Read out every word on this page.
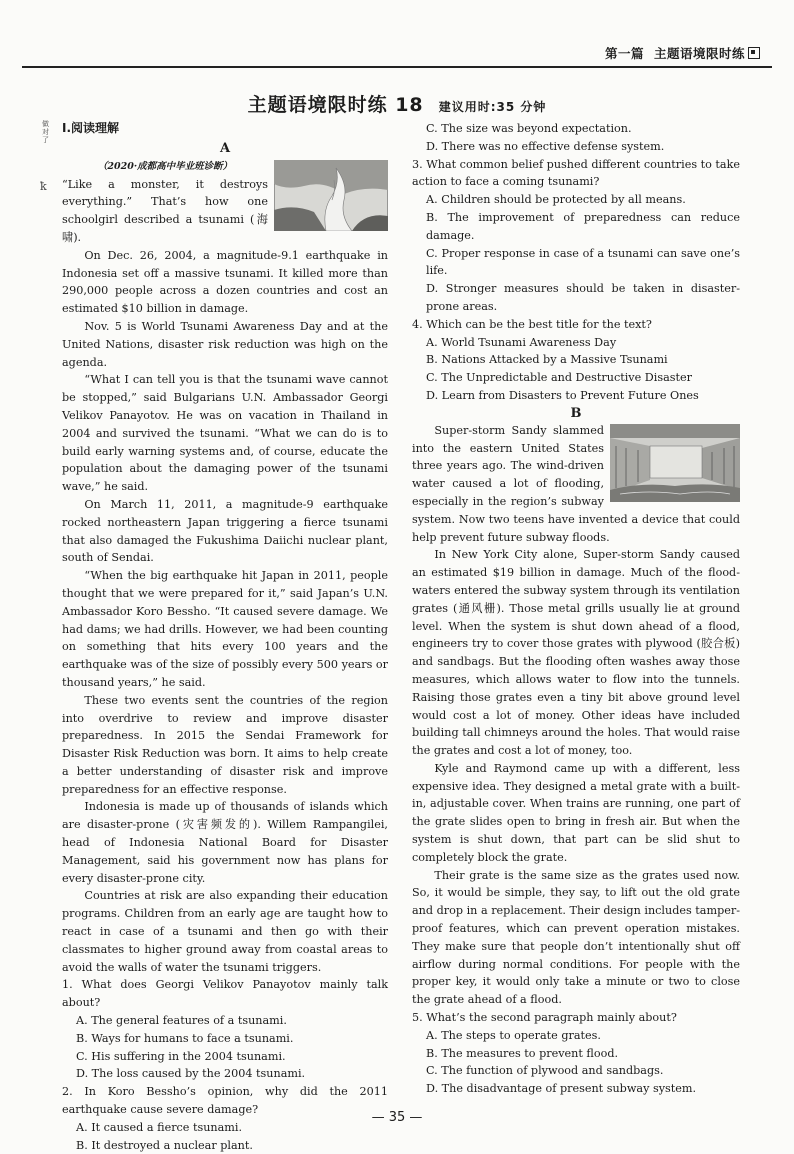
第一篇 主题语境限时练
主题语境限时练 18 建议用时:35 分钟
做对了
ꝁ
Ⅰ.阅读理解
A

（2020·成都高中毕业班诊断）

“Like a monster, it destroys everything.” That’s how one schoolgirl described a tsunami (海啸).

On Dec. 26, 2004, a magnitude-9.1 earthquake in Indonesia set off a massive tsunami. It killed more than 290,000 people across a dozen countries and cost an estimated $10 billion in damage.

Nov. 5 is World Tsunami Awareness Day and at the United Nations, disaster risk reduction was high on the agenda.

“What I can tell you is that the tsunami wave cannot be stopped,” said Bulgarians U.N. Ambassador Georgi Velikov Panayotov. He was on vacation in Thailand in 2004 and survived the tsunami. “What we can do is to build early warning systems and, of course, educate the population about the damaging power of the tsunami wave,” he said.

On March 11, 2011, a magnitude-9 earthquake rocked northeastern Japan triggering a fierce tsunami that also damaged the Fukushima Daiichi nuclear plant, south of Sendai.

“When the big earthquake hit Japan in 2011, people thought that we were prepared for it,” said Japan’s U.N. Ambassador Koro Bessho. “It caused severe damage. We had dams; we had drills. However, we had been counting on something that hits every 100 years and the earthquake was of the size of possibly every 500 years or thousand years,” he said.

These two events sent the countries of the region into overdrive to review and improve disaster preparedness. In 2015 the Sendai Framework for Disaster Risk Reduction was born. It aims to help create a better understanding of disaster risk and improve preparedness for an effective response.

Indonesia is made up of thousands of islands which are disaster-prone (灾害频发的). Willem Rampangilei, head of Indonesia National Board for Disaster Management, said his government now has plans for every disaster-prone city.

Countries at risk are also expanding their education programs. Children from an early age are taught how to react in case of a tsunami and then go with their classmates to higher ground away from coastal areas to avoid the walls of water the tsunami triggers.

1. What does Georgi Velikov Panayotov mainly talk about?

A. The general features of a tsunami.

B. Ways for humans to face a tsunami.

C. His suffering in the 2004 tsunami.

D. The loss caused by the 2004 tsunami.

2. In Koro Bessho’s opinion, why did the 2011 earthquake cause severe damage?

A. It caused a fierce tsunami.

B. It destroyed a nuclear plant.

C. The size was beyond expectation.

D. There was no effective defense system.

3. What common belief pushed different countries to take action to face a coming tsunami?

A. Children should be protected by all means.

B. The improvement of preparedness can reduce damage.

C. Proper response in case of a tsunami can save one’s life.

D. Stronger measures should be taken in disaster-prone areas.

4. Which can be the best title for the text?

A. World Tsunami Awareness Day

B. Nations Attacked by a Massive Tsunami

C. The Unpredictable and Destructive Disaster

D. Learn from Disasters to Prevent Future Ones

B

Super-storm Sandy slammed into the eastern United States three years ago. The wind-driven water caused a lot of flooding, especially in the region’s subway system. Now two teens have invented a device that could help prevent future subway floods.

In New York City alone, Super-storm Sandy caused an estimated $19 billion in damage. Much of the flood-waters entered the subway system through its ventilation grates (通风栅). Those metal grills usually lie at ground level. When the system is shut down ahead of a flood, engineers try to cover those grates with plywood (胶合板) and sandbags. But the flooding often washes away those measures, which allows water to flow into the tunnels. Raising those grates even a tiny bit above ground level would cost a lot of money. Other ideas have included building tall chimneys around the holes. That would raise the grates and cost a lot of money, too.

Kyle and Raymond came up with a different, less expensive idea. They designed a metal grate with a built-in, adjustable cover. When trains are running, one part of the grate slides open to bring in fresh air. But when the system is shut down, that part can be slid shut to completely block the grate.

Their grate is the same size as the grates used now. So, it would be simple, they say, to lift out the old grate and drop in a replacement. Their design includes tamper-proof features, which can prevent operation mistakes. They make sure that people don’t intentionally shut off airflow during normal conditions. For people with the proper key, it would only take a minute or two to close the grate ahead of a flood.

5. What’s the second paragraph mainly about?

A. The steps to operate grates.

B. The measures to prevent flood.

C. The function of plywood and sandbags.

D. The disadvantage of present subway system.

— 35 —
